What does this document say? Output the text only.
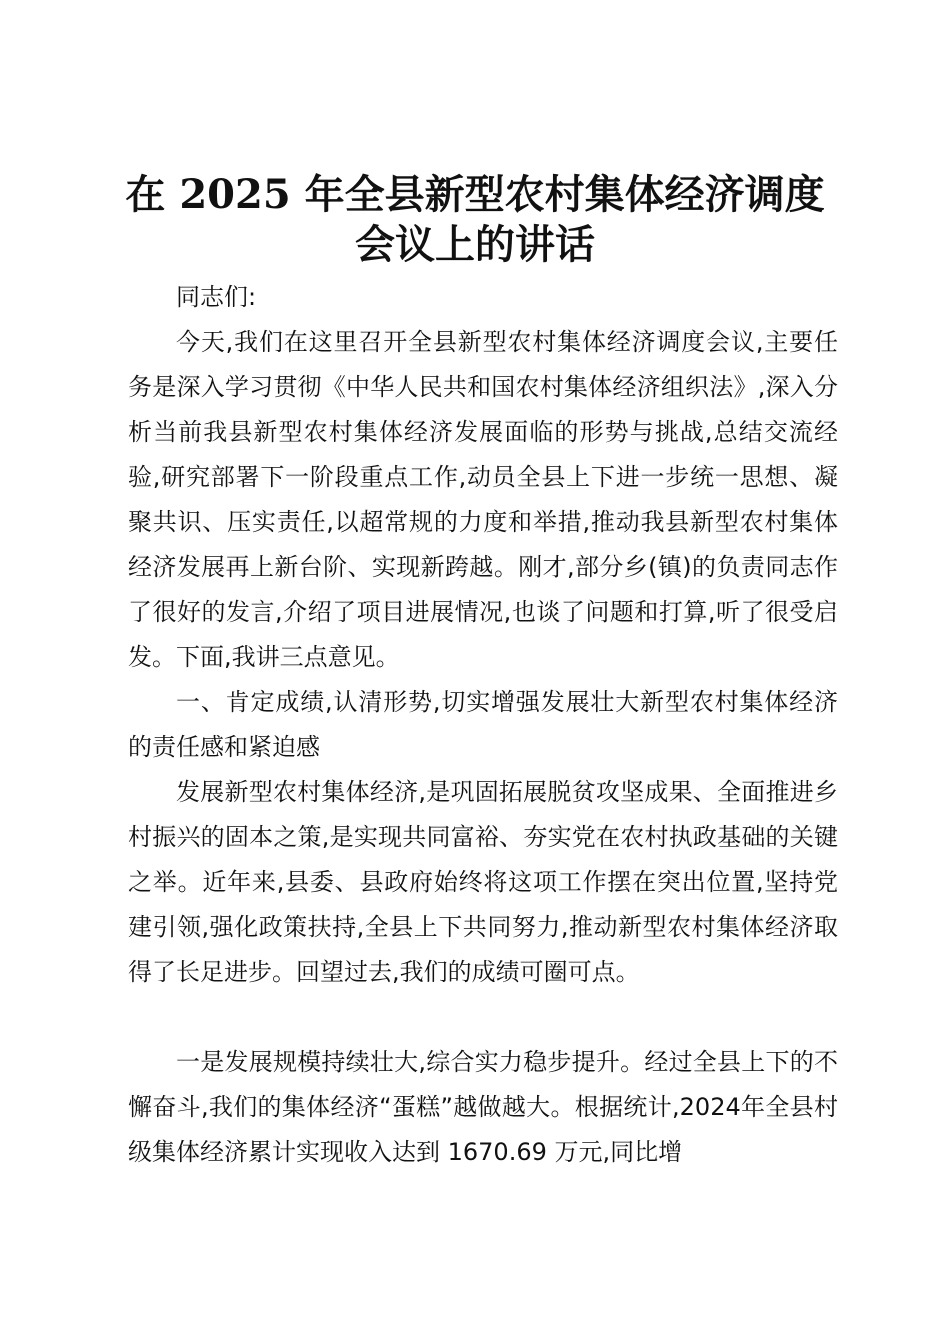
在 2025 年全县新型农村集体经济调度
会议上的讲话
同志们:
今天,我们在这里召开全县新型农村集体经济调度会议,主要任务是深入学习贯彻《中华人民共和国农村集体经济组织法》,深入分析当前我县新型农村集体经济发展面临的形势与挑战,总结交流经验,研究部署下一阶段重点工作,动员全县上下进一步统一思想、凝聚共识、压实责任,以超常规的力度和举措,推动我县新型农村集体经济发展再上新台阶、实现新跨越。刚才,部分乡(镇)的负责同志作了很好的发言,介绍了项目进展情况,也谈了问题和打算,听了很受启发。下面,我讲三点意见。
一、肯定成绩,认清形势,切实增强发展壮大新型农村集体经济的责任感和紧迫感
发展新型农村集体经济,是巩固拓展脱贫攻坚成果、全面推进乡村振兴的固本之策,是实现共同富裕、夯实党在农村执政基础的关键之举。近年来,县委、县政府始终将这项工作摆在突出位置,坚持党建引领,强化政策扶持,全县上下共同努力,推动新型农村集体经济取得了长足进步。回望过去,我们的成绩可圈可点。
一是发展规模持续壮大,综合实力稳步提升。经过全县上下的不懈奋斗,我们的集体经济“蛋糕”越做越大。根据统计,2024年全县村级集体经济累计实现收入达到 1670.69 万元,同比增
